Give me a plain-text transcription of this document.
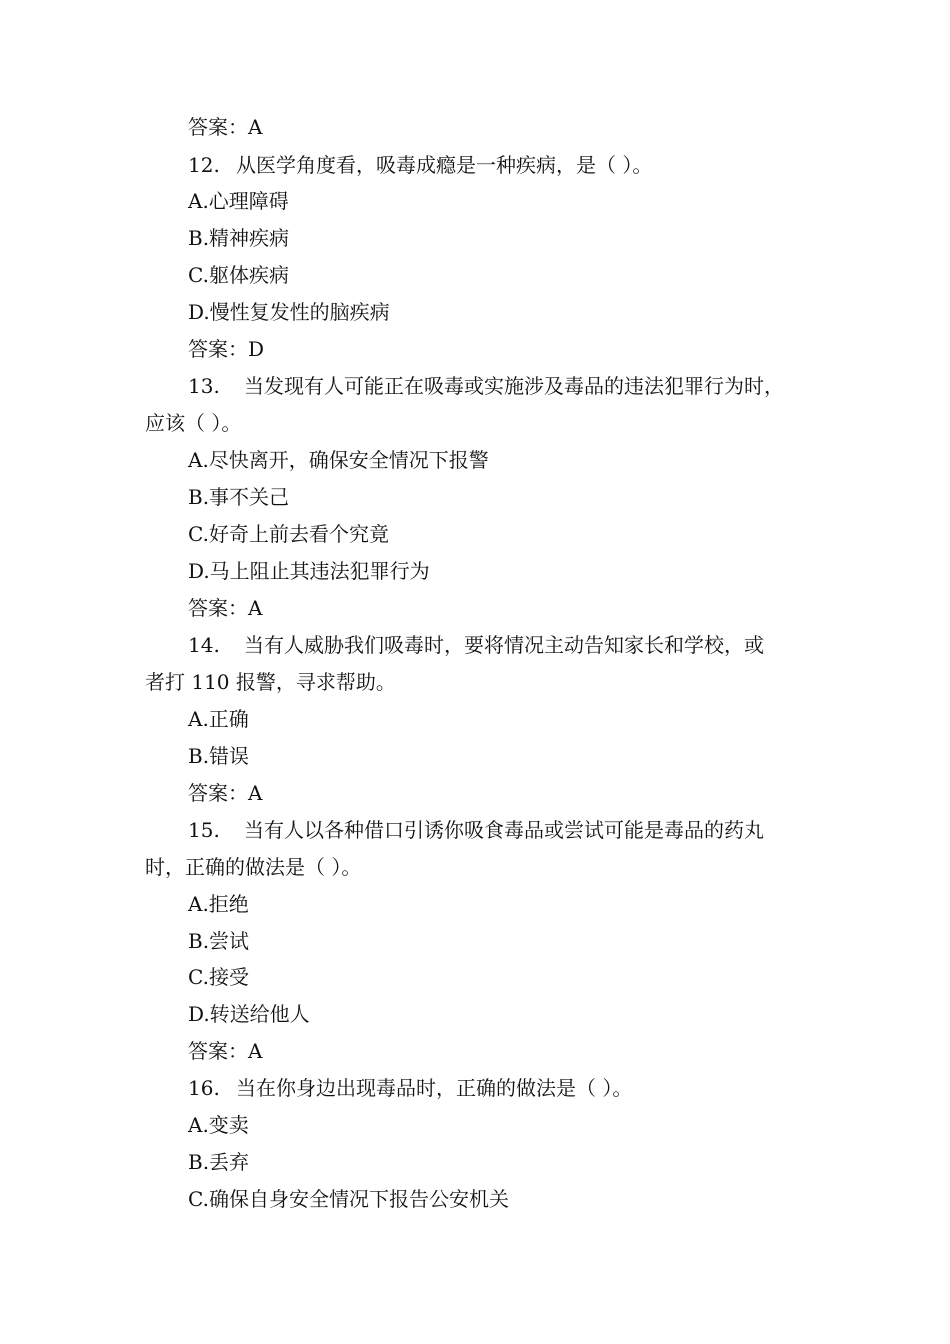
答案：A
12. 从医学角度看，吸毒成瘾是一种疾病，是（ ）。
A.心理障碍
B.精神疾病
C.躯体疾病
D.慢性复发性的脑疾病
答案：D
13. 当发现有人可能正在吸毒或实施涉及毒品的违法犯罪行为时，
应该（ ）。
A.尽快离开，确保安全情况下报警
B.事不关己
C.好奇上前去看个究竟
D.马上阻止其违法犯罪行为
答案：A
14. 当有人威胁我们吸毒时，要将情况主动告知家长和学校，或
者打 110 报警，寻求帮助。
A.正确
B.错误
答案：A
15. 当有人以各种借口引诱你吸食毒品或尝试可能是毒品的药丸
时，正确的做法是（ ）。
A.拒绝
B.尝试
C.接受
D.转送给他人
答案：A
16. 当在你身边出现毒品时，正确的做法是（ ）。
A.变卖
B.丢弃
C.确保自身安全情况下报告公安机关
